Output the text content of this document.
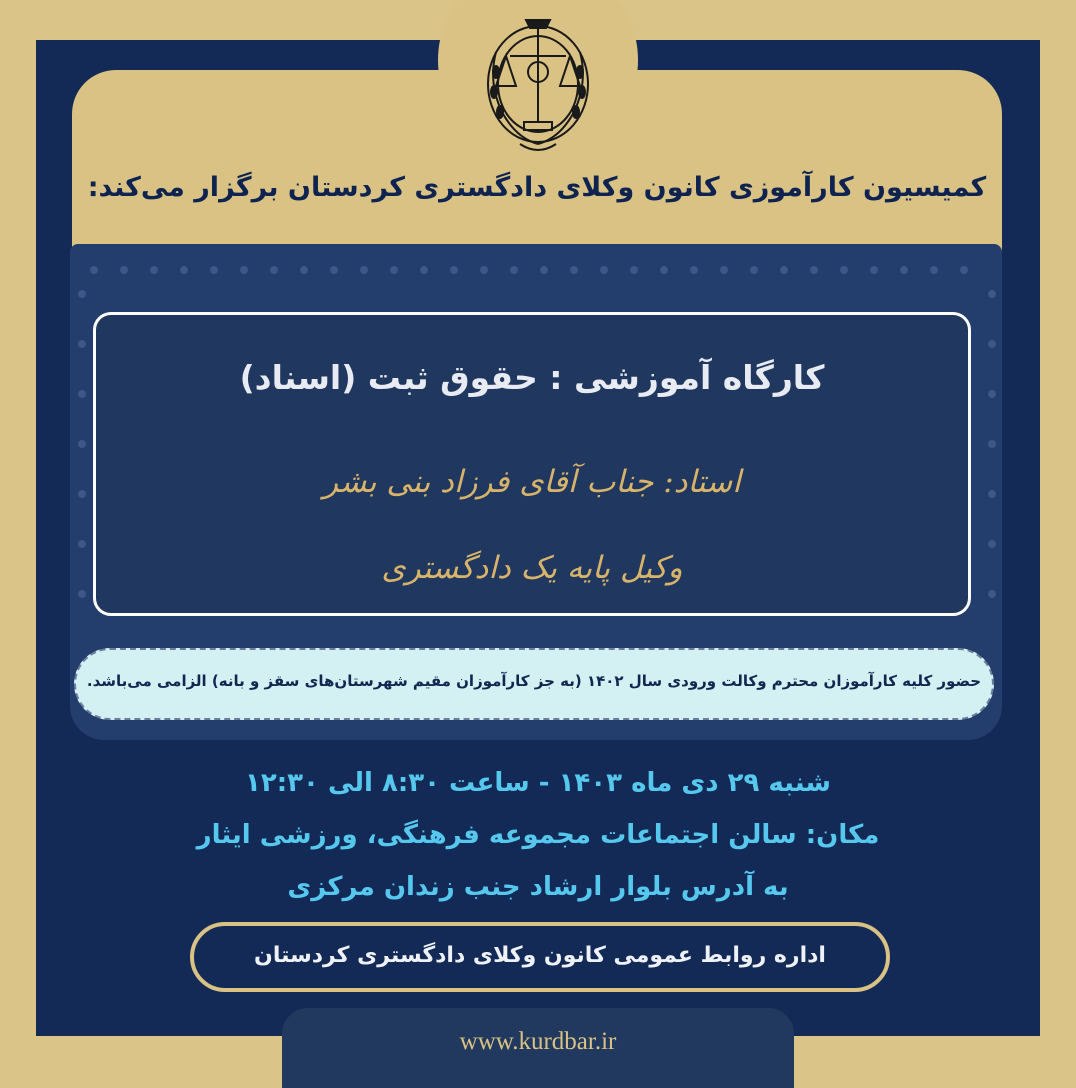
کمیسیون کارآموزی کانون وکلای دادگستری کردستان برگزار می‌کند:
کارگاه آموزشی : حقوق ثبت (اسناد)
استاد: جناب آقای فرزاد بنی بشر
وکیل پایه یک دادگستری
حضور کلیه کارآموزان محترم وکالت ورودی سال ۱۴۰۲ (به جز کارآموزان مقیم شهرستان‌های سقز و بانه) الزامی می‌باشد.
شنبه ۲۹ دی ماه ۱۴۰۳ - ساعت ۸:۳۰ الی ۱۲:۳۰
مکان: سالن اجتماعات مجموعه فرهنگی، ورزشی ایثار
به آدرس بلوار ارشاد جنب زندان مرکزی
اداره روابط عمومی کانون وکلای دادگستری کردستان
www.kurdbar.ir
